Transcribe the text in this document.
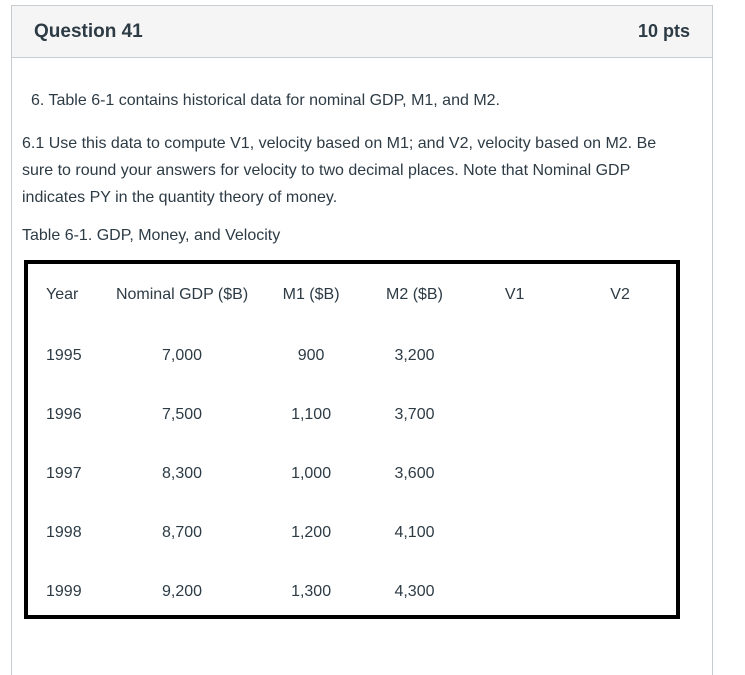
Question 41	10 pts

6. Table 6-1 contains historical data for nominal GDP, M1, and M2.

6.1 Use this data to compute V1, velocity based on M1; and V2, velocity based on M2. Be sure to round your answers for velocity to two decimal places. Note that Nominal GDP indicates PY in the quantity theory of money.

Table 6-1. GDP, Money, and Velocity

Year	Nominal GDP ($B)	M1 ($B)	M2 ($B)	V1	V2
1995	7,000	900	3,200		
1996	7,500	1,100	3,700		
1997	8,300	1,000	3,600		
1998	8,700	1,200	4,100		
1999	9,200	1,300	4,300		
